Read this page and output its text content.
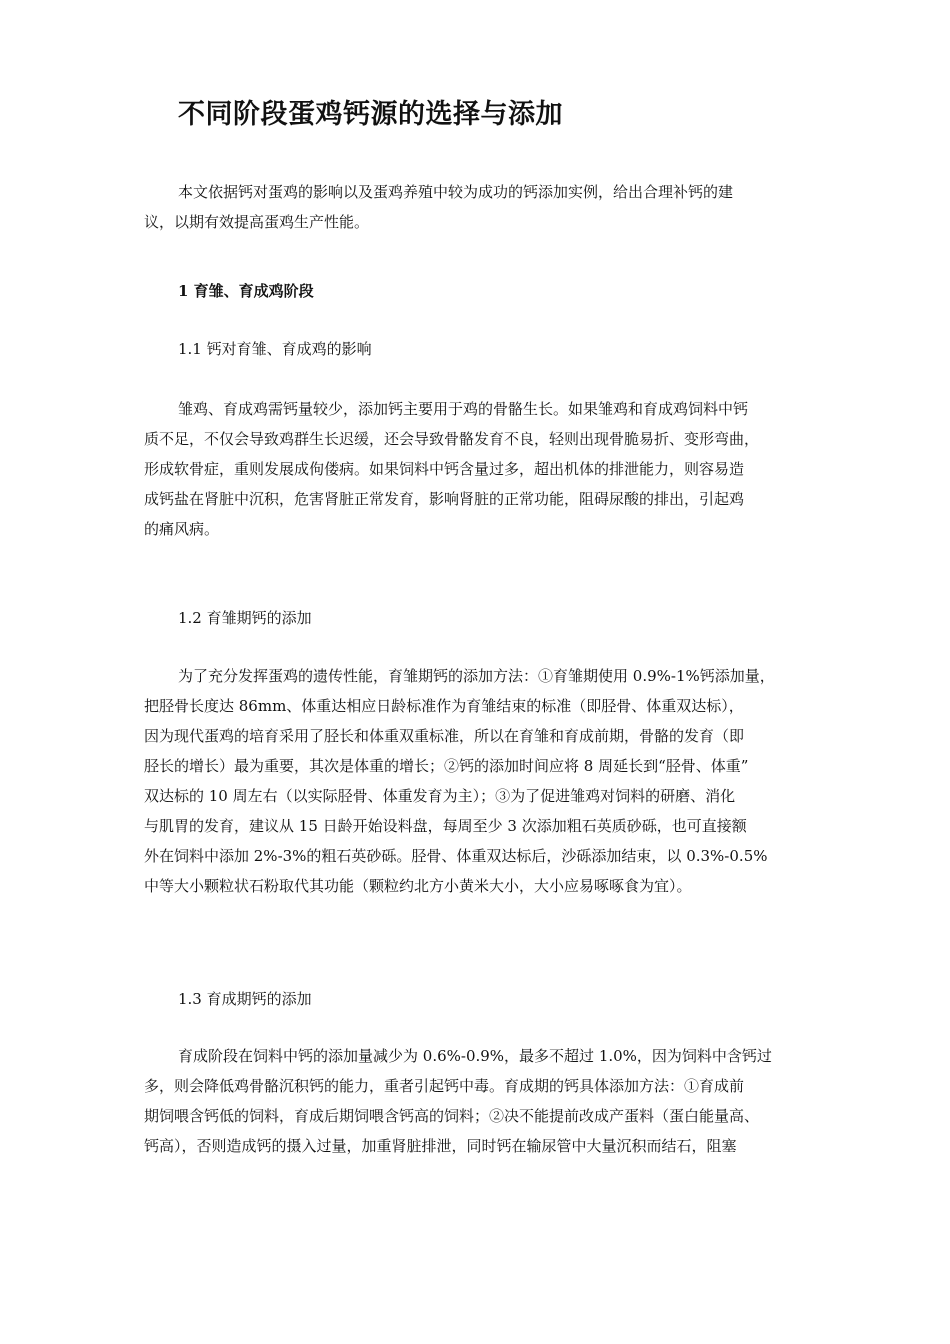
不同阶段蛋鸡钙源的选择与添加
本文依据钙对蛋鸡的影响以及蛋鸡养殖中较为成功的钙添加实例，给出合理补钙的建
议，以期有效提高蛋鸡生产性能。
1 育雏、育成鸡阶段
1.1 钙对育雏、育成鸡的影响
雏鸡、育成鸡需钙量较少，添加钙主要用于鸡的骨骼生长。如果雏鸡和育成鸡饲料中钙
质不足，不仅会导致鸡群生长迟缓，还会导致骨骼发育不良，轻则出现骨脆易折、变形弯曲，
形成软骨症，重则发展成佝偻病。如果饲料中钙含量过多，超出机体的排泄能力，则容易造
成钙盐在肾脏中沉积，危害肾脏正常发育，影响肾脏的正常功能，阻碍尿酸的排出，引起鸡
的痛风病。
1.2 育雏期钙的添加
为了充分发挥蛋鸡的遗传性能，育雏期钙的添加方法：①育雏期使用 0.9%-1%钙添加量，
把胫骨长度达 86mm、体重达相应日龄标准作为育雏结束的标准（即胫骨、体重双达标），
因为现代蛋鸡的培育采用了胫长和体重双重标准，所以在育雏和育成前期，骨骼的发育（即
胫长的增长）最为重要，其次是体重的增长；②钙的添加时间应将 8 周延长到“胫骨、体重”
双达标的 10 周左右（以实际胫骨、体重发育为主）；③为了促进雏鸡对饲料的研磨、消化
与肌胃的发育，建议从 15 日龄开始设料盘，每周至少 3 次添加粗石英质砂砾，也可直接额
外在饲料中添加 2%-3%的粗石英砂砾。胫骨、体重双达标后，沙砾添加结束，以 0.3%-0.5%
中等大小颗粒状石粉取代其功能（颗粒约北方小黄米大小，大小应易啄啄食为宜）。
1.3 育成期钙的添加
育成阶段在饲料中钙的添加量减少为 0.6%-0.9%，最多不超过 1.0%，因为饲料中含钙过
多，则会降低鸡骨骼沉积钙的能力，重者引起钙中毒。育成期的钙具体添加方法：①育成前
期饲喂含钙低的饲料，育成后期饲喂含钙高的饲料；②决不能提前改成产蛋料（蛋白能量高、
钙高），否则造成钙的摄入过量，加重肾脏排泄，同时钙在输尿管中大量沉积而结石，阻塞
